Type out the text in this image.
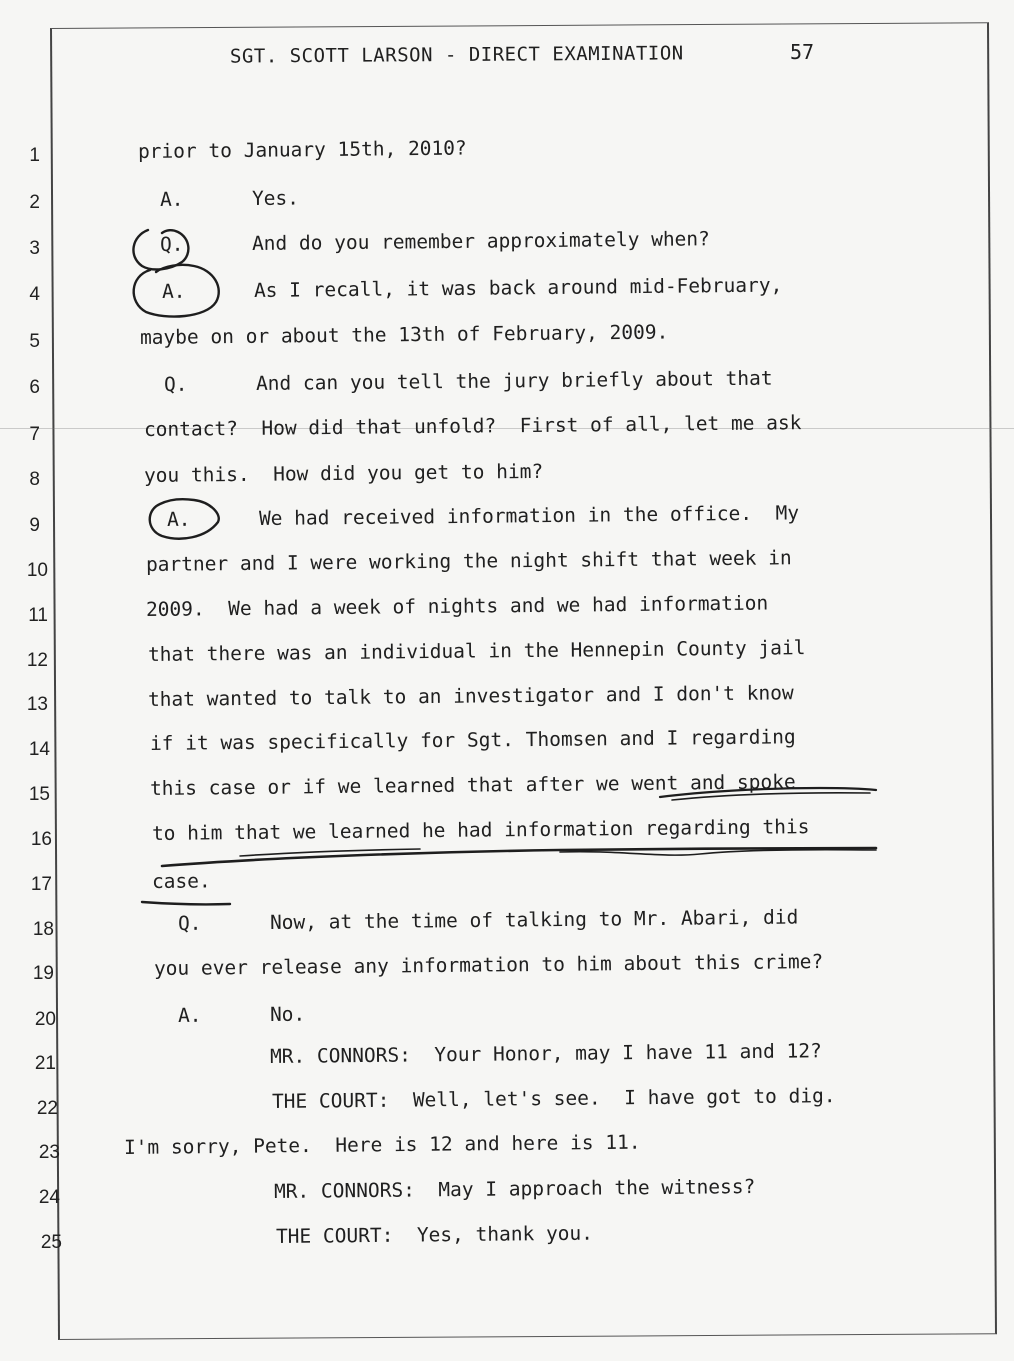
SGT. SCOTT LARSON - DIRECT EXAMINATION	57
1
2
3
4
5
6
7
8
9
10
11
12
13
14
15
16
17
18
19
20
21
22
23
24
25
prior to January 15th, 2010?
A.	Yes.
Q.	And do you remember approximately when?
A.	As I recall, it was back around mid-February,
maybe on or about the 13th of February, 2009.
Q.	And can you tell the jury briefly about that
contact?  How did that unfold?  First of all, let me ask
you this.  How did you get to him?
A.	We had received information in the office.  My
partner and I were working the night shift that week in
2009.  We had a week of nights and we had information
that there was an individual in the Hennepin County jail
that wanted to talk to an investigator and I don't know
if it was specifically for Sgt. Thomsen and I regarding
this case or if we learned that after we went and spoke
to him that we learned he had information regarding this
case.
Q.	Now, at the time of talking to Mr. Abari, did
you ever release any information to him about this crime?
A.	No.
MR. CONNORS:  Your Honor, may I have 11 and 12?
THE COURT:  Well, let's see.  I have got to dig.
I'm sorry, Pete.  Here is 12 and here is 11.
MR. CONNORS:  May I approach the witness?
THE COURT:  Yes, thank you.
